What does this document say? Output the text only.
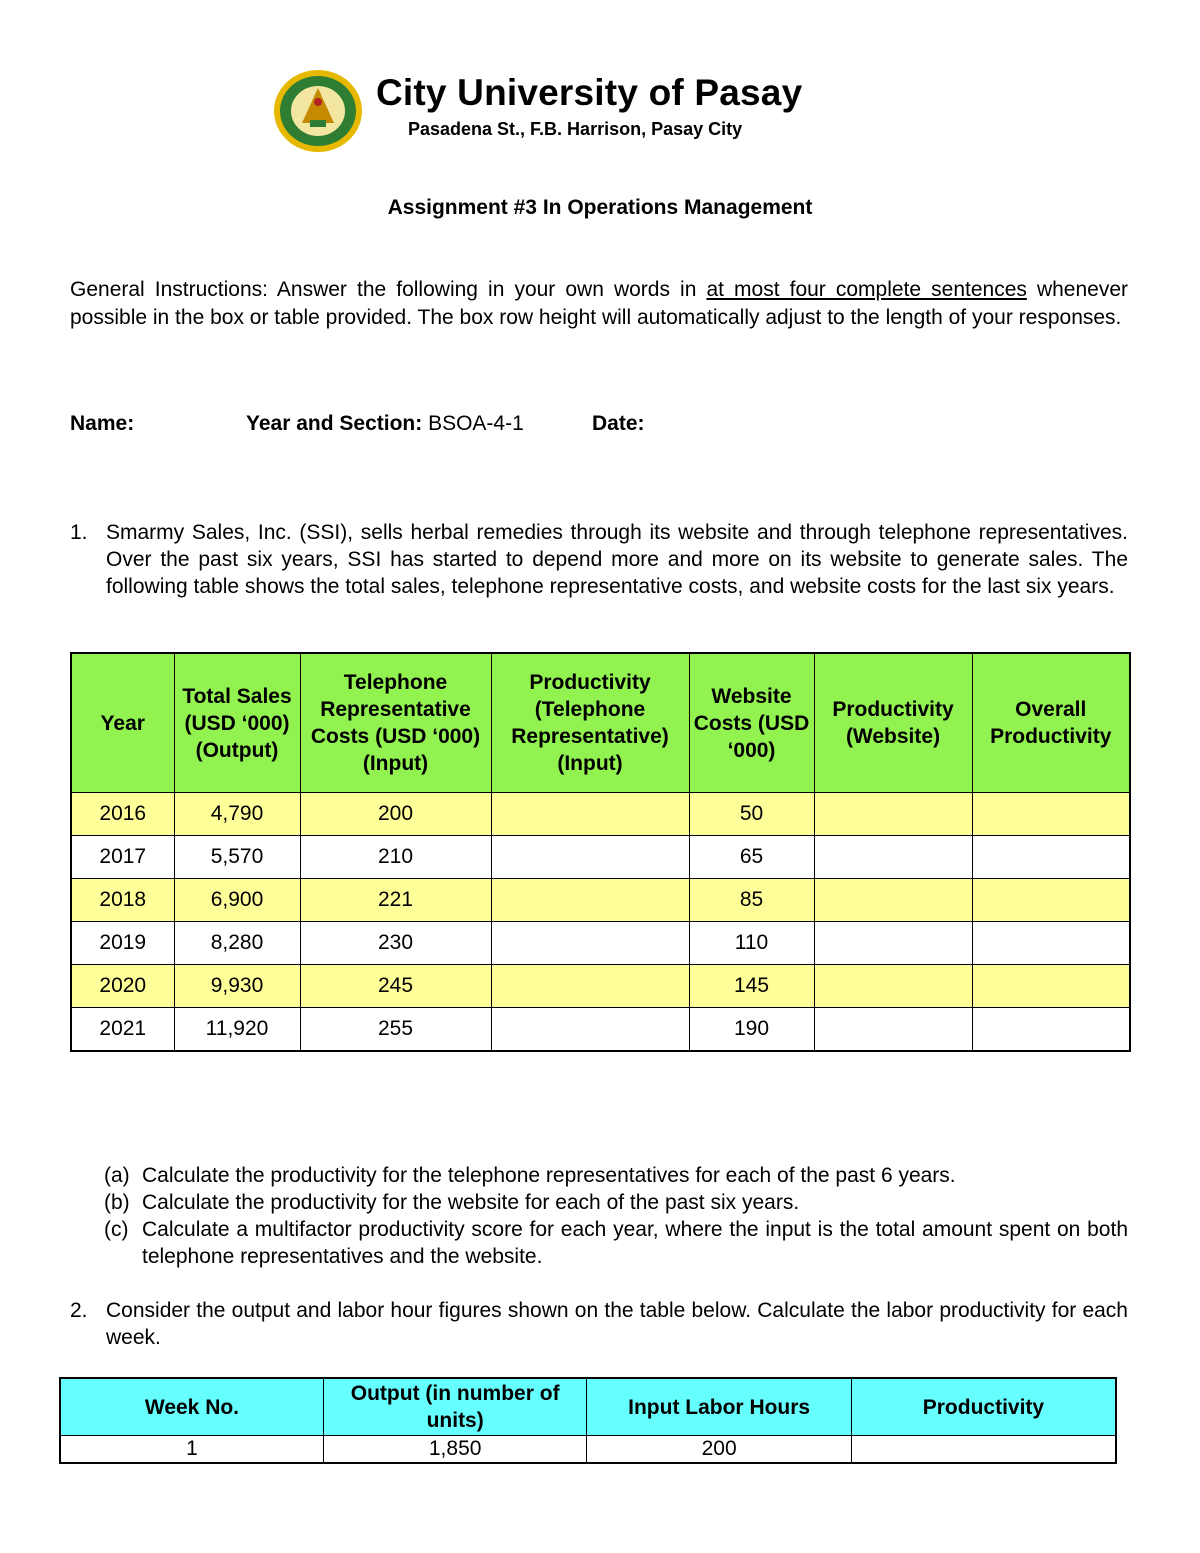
City University of Pasay
Pasadena St., F.B. Harrison, Pasay City
Assignment #3 In Operations Management
General Instructions: Answer the following in your own words in at most four complete sentences whenever possible in the box or table provided. The box row height will automatically adjust to the length of your responses.
Name:	Year and Section: BSOA-4-1	Date:
1. Smarmy Sales, Inc. (SSI), sells herbal remedies through its website and through telephone representatives. Over the past six years, SSI has started to depend more and more on its website to generate sales. The following table shows the total sales, telephone representative costs, and website costs for the last six years.
Year	Total Sales (USD ‘000) (Output)	Telephone Representative Costs (USD ‘000) (Input)	Productivity (Telephone Representative) (Input)	Website Costs (USD ‘000)	Productivity (Website)	Overall Productivity
2016	4,790	200		50		
2017	5,570	210		65		
2018	6,900	221		85		
2019	8,280	230		110		
2020	9,930	245		145		
2021	11,920	255		190		
(a) Calculate the productivity for the telephone representatives for each of the past 6 years.
(b) Calculate the productivity for the website for each of the past six years.
(c) Calculate a multifactor productivity score for each year, where the input is the total amount spent on both telephone representatives and the website.
2. Consider the output and labor hour figures shown on the table below. Calculate the labor productivity for each week.
Week No.	Output (in number of units)	Input Labor Hours	Productivity
1	1,850	200	
